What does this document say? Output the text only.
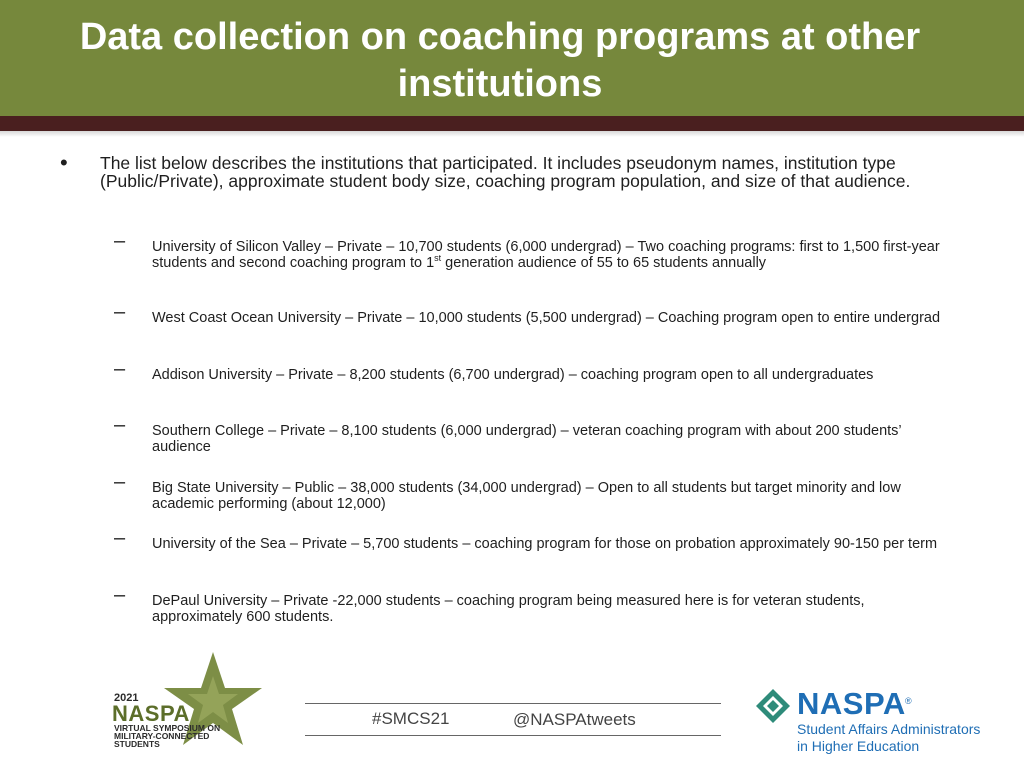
Data collection on coaching programs at other institutions
• The list below describes the institutions that participated. It includes pseudonym names, institution type (Public/Private), approximate student body size, coaching program population, and size of that audience.

– University of Silicon Valley – Private – 10,700 students (6,000 undergrad) – Two coaching programs: first to 1,500 first-year students and second coaching program to 1st generation audience of 55 to 65 students annually

– West Coast Ocean University – Private – 10,000 students (5,500 undergrad) – Coaching program open to entire undergrad

– Addison University – Private – 8,200 students (6,700 undergrad) – coaching program open to all undergraduates

– Southern College – Private – 8,100 students (6,000 undergrad) – veteran coaching program with about 200 students’ audience

– Big State University – Public – 38,000 students (34,000 undergrad) – Open to all students but target minority and low academic performing (about 12,000)

– University of the Sea – Private – 5,700 students – coaching program for those on probation approximately 90-150 per term

– DePaul University – Private -22,000 students – coaching program being measured here is for veteran students, approximately 600 students.

2021
NASPA
VIRTUAL SYMPOSIUM ON
MILITARY-CONNECTED
STUDENTS
#SMCS21	@NASPAtweets	NASPA ®
Student Affairs Administrators
in Higher Education
